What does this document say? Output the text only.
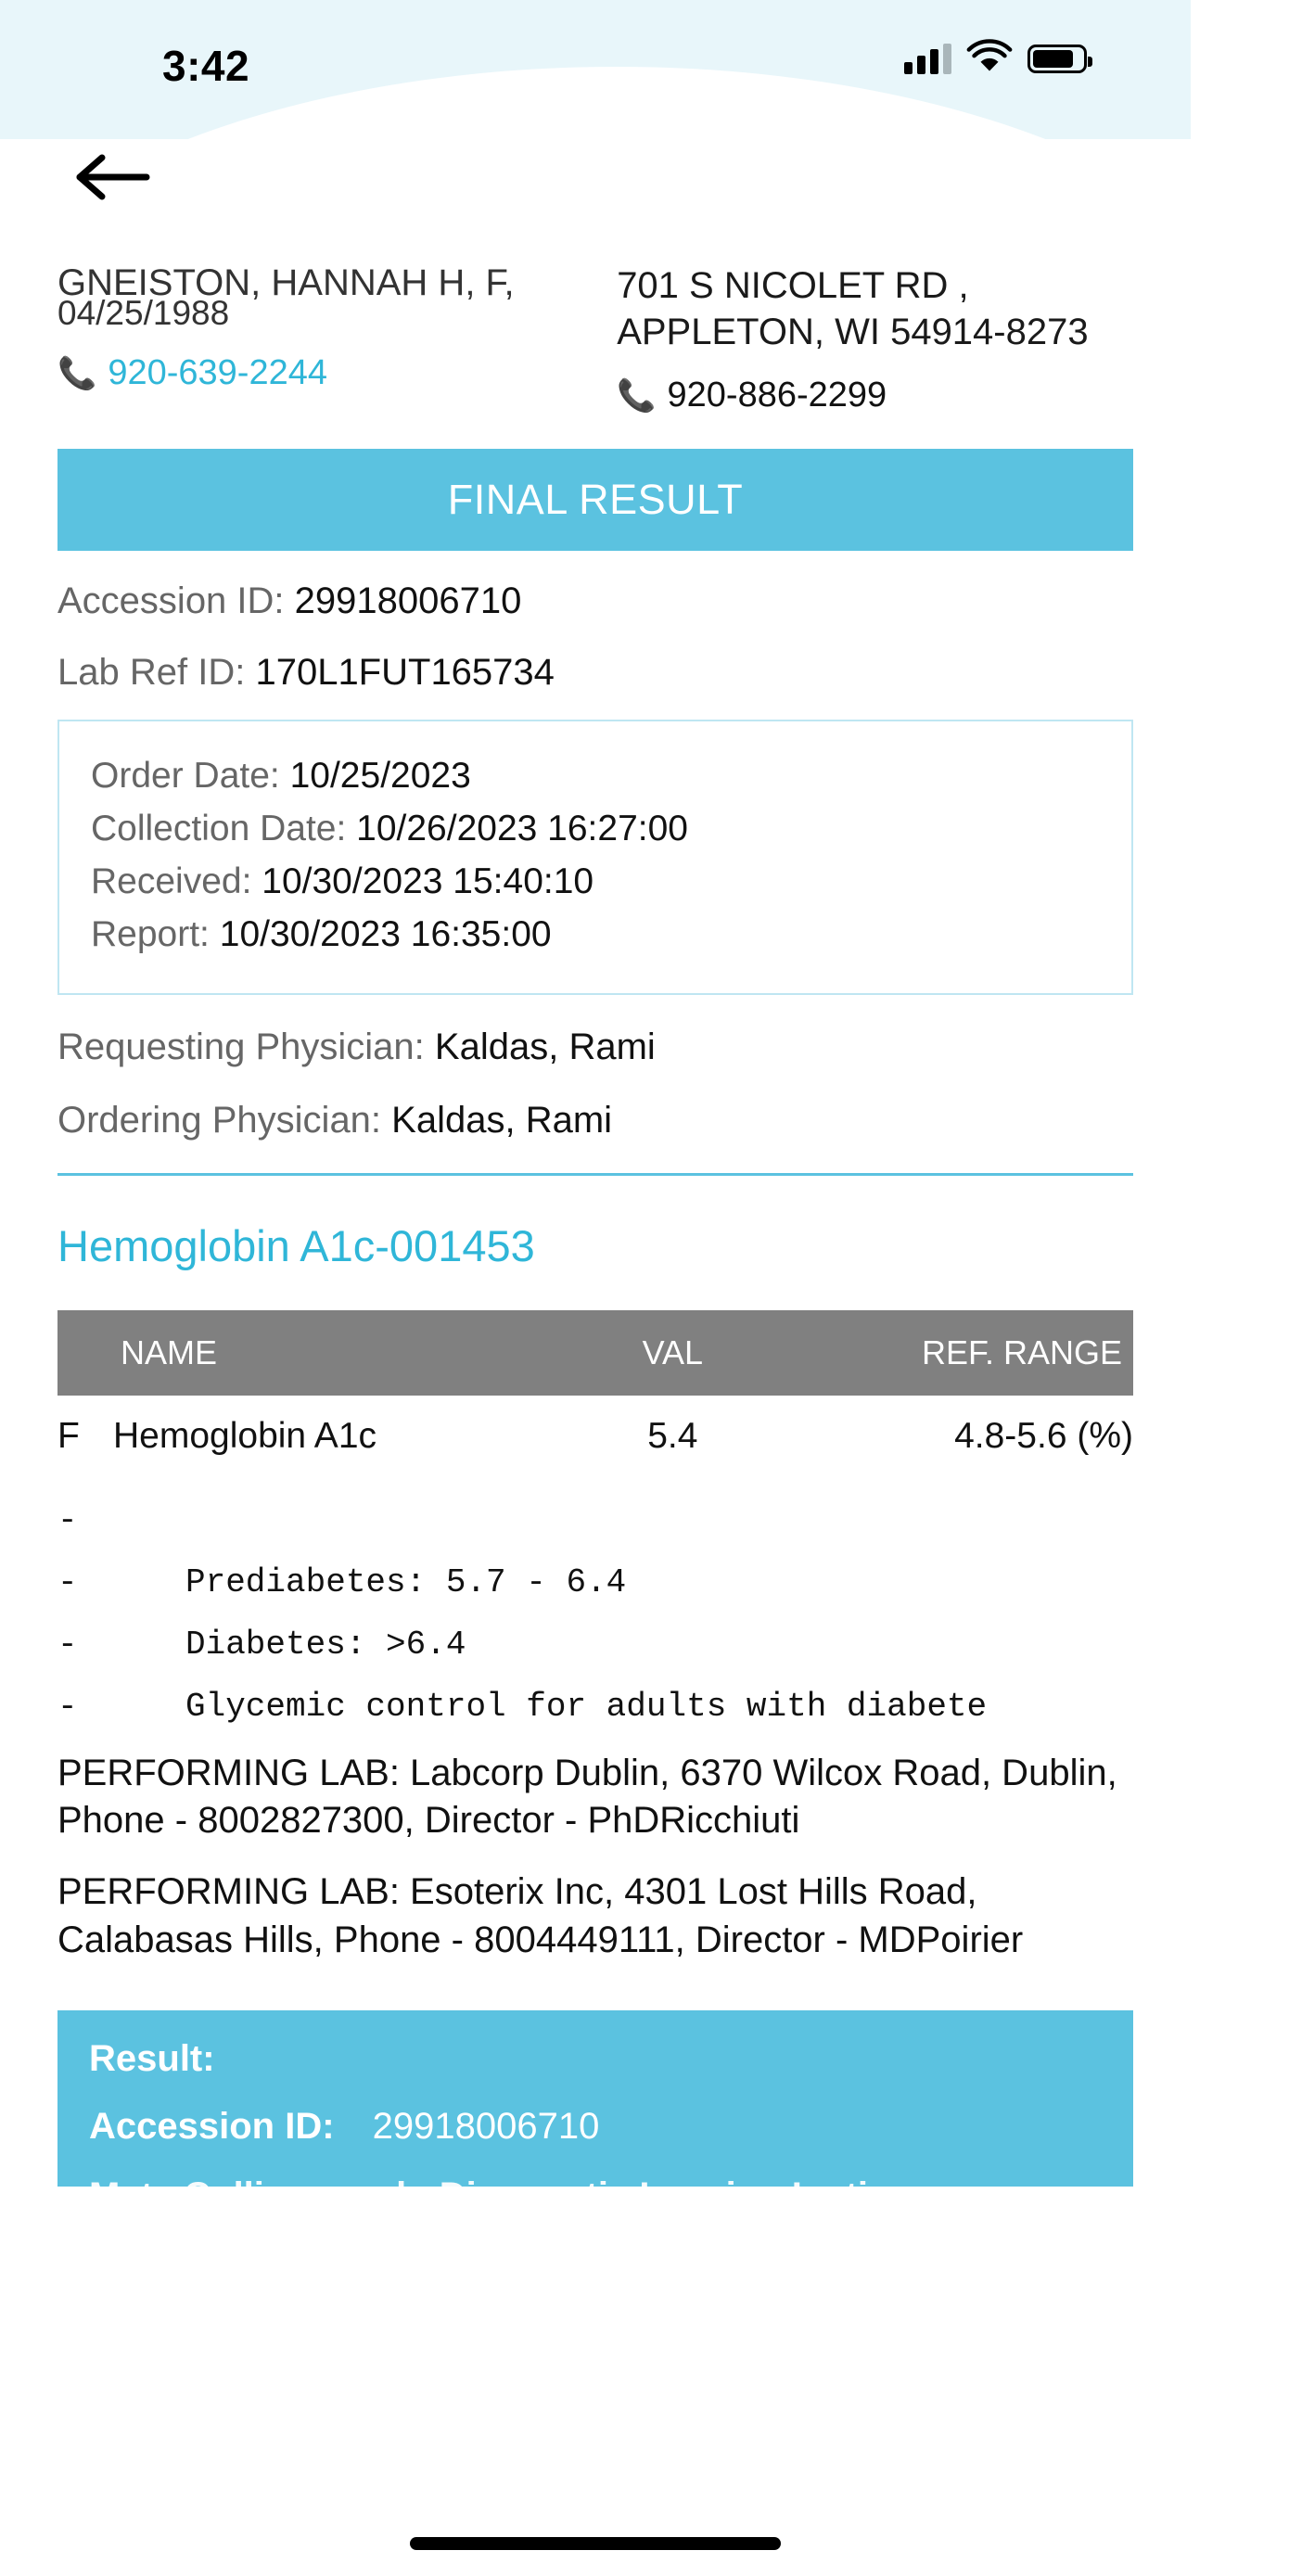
3:42
GNEISTON, HANNAH H, F,
04/25/1988
📞 920-639-2244
701 S NICOLET RD ,
APPLETON, WI 54914-8273
📞 920-886-2299
FINAL RESULT
Accession ID: 29918006710
Lab Ref ID: 170L1FUT165734
Order Date: 10/25/2023
Collection Date: 10/26/2023 16:27:00
Received: 10/30/2023 15:40:10
Report: 10/30/2023 16:35:00
Requesting Physician: Kaldas, Rami
Ordering Physician: Kaldas, Rami
Hemoglobin A1c-001453
	NAME	VAL	REF. RANGE
F	Hemoglobin A1c	5.4	4.8-5.6 (%)
-
-	Prediabetes: 5.7 - 6.4
-	Diabetes: >6.4
-	Glycemic control for adults with diabete
PERFORMING LAB: Labcorp Dublin, 6370 Wilcox Road, Dublin, Phone - 8002827300, Director - PhDRicchiuti
PERFORMING LAB: Esoterix Inc, 4301 Lost Hills Road, Calabasas Hills, Phone - 8004449111, Director - MDPoirier
Result:
Accession ID: 29918006710
Meta Collingwood - Diagnostic Imaging Insti
